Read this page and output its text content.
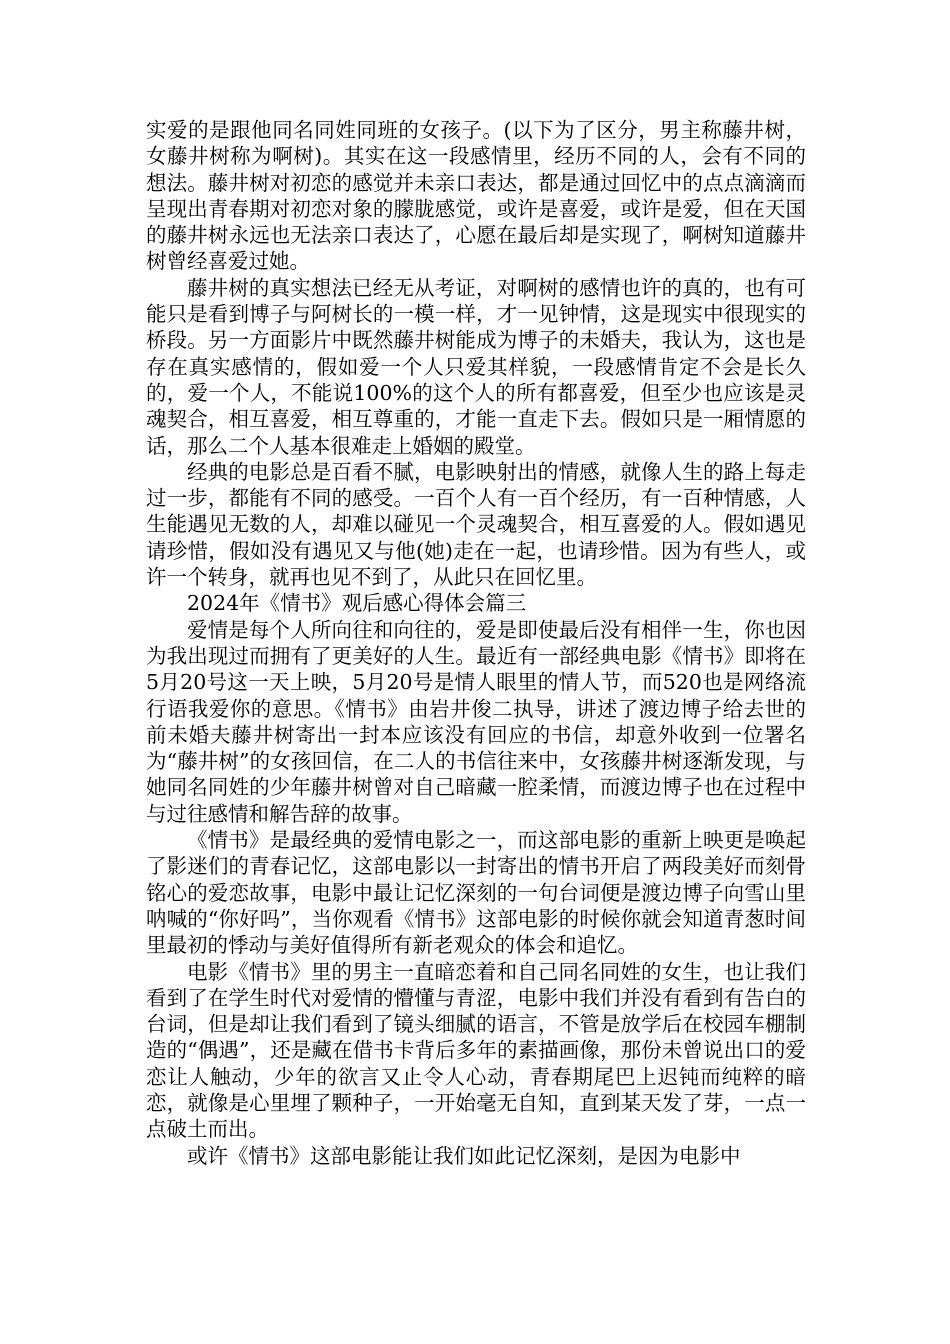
实爱的是跟他同名同姓同班的女孩子。(以下为了区分，男主称藤井树，女藤井树称为啊树)。其实在这一段感情里，经历不同的人，会有不同的想法。藤井树对初恋的感觉并未亲口表达，都是通过回忆中的点点滴滴而呈现出青春期对初恋对象的朦胧感觉，或许是喜爱，或许是爱，但在天国的藤井树永远也无法亲口表达了，心愿在最后却是实现了，啊树知道藤井树曾经喜爱过她。

藤井树的真实想法已经无从考证，对啊树的感情也许的真的，也有可能只是看到博子与阿树长的一模一样，才一见钟情，这是现实中很现实的桥段。另一方面影片中既然藤井树能成为博子的未婚夫，我认为，这也是存在真实感情的，假如爱一个人只爱其样貌，一段感情肯定不会是长久的，爱一个人，不能说100%的这个人的所有都喜爱，但至少也应该是灵魂契合，相互喜爱，相互尊重的，才能一直走下去。假如只是一厢情愿的话，那么二个人基本很难走上婚姻的殿堂。

经典的电影总是百看不腻，电影映射出的情感，就像人生的路上每走过一步，都能有不同的感受。一百个人有一百个经历，有一百种情感，人生能遇见无数的人，却难以碰见一个灵魂契合，相互喜爱的人。假如遇见请珍惜，假如没有遇见又与他(她)走在一起，也请珍惜。因为有些人，或许一个转身，就再也见不到了，从此只在回忆里。

2024年《情书》观后感心得体会篇三

爱情是每个人所向往和向往的，爱是即使最后没有相伴一生，你也因为我出现过而拥有了更美好的人生。最近有一部经典电影《情书》即将在5月20号这一天上映，5月20号是情人眼里的情人节，而520也是网络流行语我爱你的意思。《情书》由岩井俊二执导，讲述了渡边博子给去世的前未婚夫藤井树寄出一封本应该没有回应的书信，却意外收到一位署名为“藤井树”的女孩回信，在二人的书信往来中，女孩藤井树逐渐发现，与她同名同姓的少年藤井树曾对自己暗藏一腔柔情，而渡边博子也在过程中与过往感情和解告辞的故事。

《情书》是最经典的爱情电影之一，而这部电影的重新上映更是唤起了影迷们的青春记忆，这部电影以一封寄出的情书开启了两段美好而刻骨铭心的爱恋故事，电影中最让记忆深刻的一句台词便是渡边博子向雪山里呐喊的“你好吗”，当你观看《情书》这部电影的时候你就会知道青葱时间里最初的悸动与美好值得所有新老观众的体会和追忆。

电影《情书》里的男主一直暗恋着和自己同名同姓的女生，也让我们看到了在学生时代对爱情的懵懂与青涩，电影中我们并没有看到有告白的台词，但是却让我们看到了镜头细腻的语言，不管是放学后在校园车棚制造的“偶遇”，还是藏在借书卡背后多年的素描画像，那份未曾说出口的爱恋让人触动，少年的欲言又止令人心动，青春期尾巴上迟钝而纯粹的暗恋，就像是心里埋了颗种子，一开始毫无自知，直到某天发了芽，一点一点破土而出。

或许《情书》这部电影能让我们如此记忆深刻，是因为电影中
